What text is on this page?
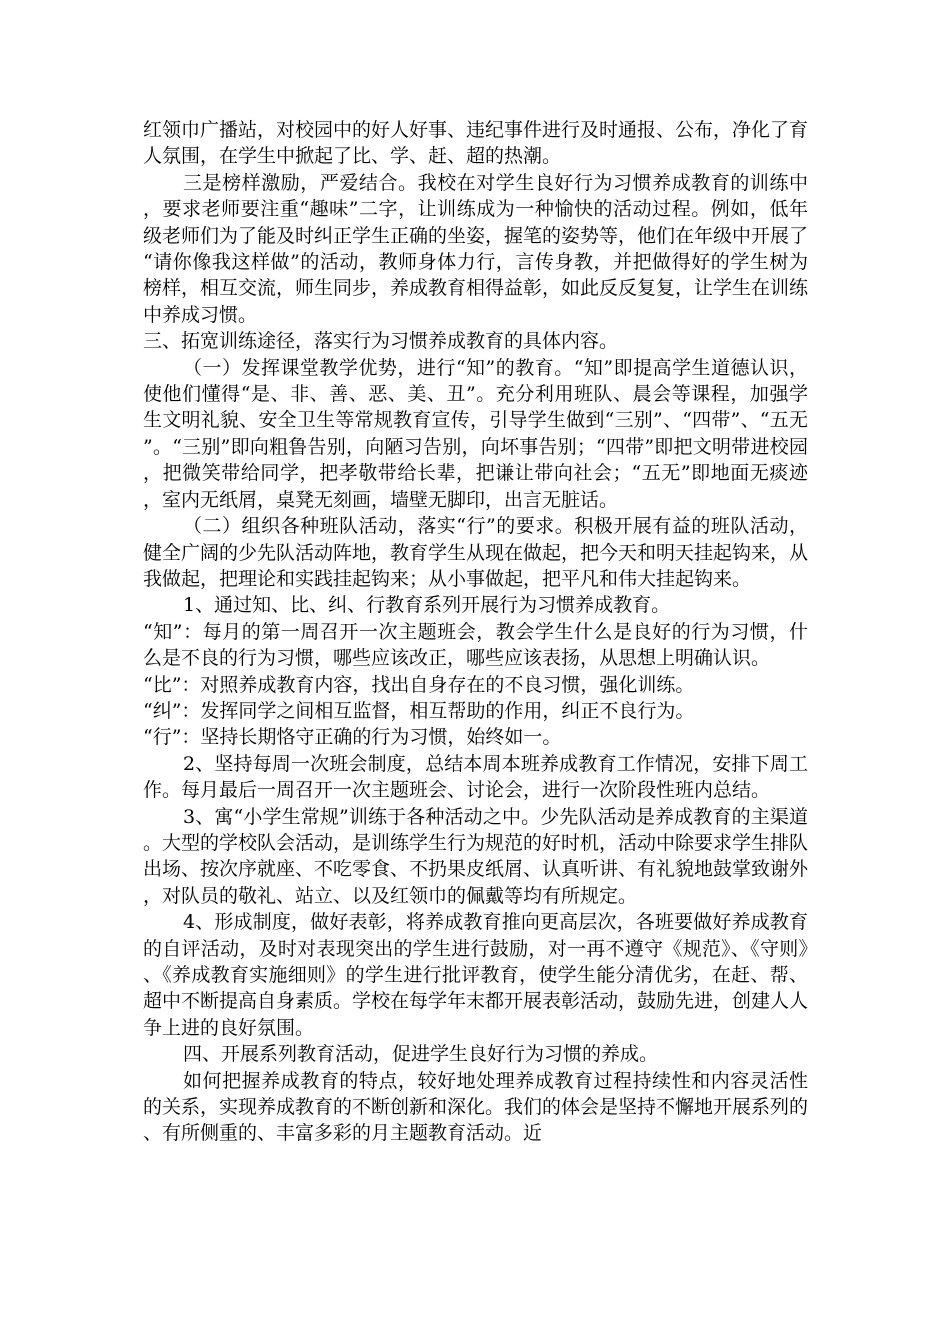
红领巾广播站，对校园中的好人好事、违纪事件进行及时通报、公布，净化了育人氛围，在学生中掀起了比、学、赶、超的热潮。

三是榜样激励，严爱结合。我校在对学生良好行为习惯养成教育的训练中，要求老师要注重“趣味”二字，让训练成为一种愉快的活动过程。例如，低年级老师们为了能及时纠正学生正确的坐姿，握笔的姿势等，他们在年级中开展了“请你像我这样做”的活动，教师身体力行，言传身教，并把做得好的学生树为榜样，相互交流，师生同步，养成教育相得益彰，如此反反复复，让学生在训练中养成习惯。

三、拓宽训练途径，落实行为习惯养成教育的具体内容。

（一）发挥课堂教学优势，进行“知”的教育。“知”即提高学生道德认识，使他们懂得“是、非、善、恶、美、丑”。充分利用班队、晨会等课程，加强学生文明礼貌、安全卫生等常规教育宣传，引导学生做到“三别”、“四带”、“五无”。“三别”即向粗鲁告别，向陋习告别，向坏事告别；“四带”即把文明带进校园，把微笑带给同学，把孝敬带给长辈，把谦让带向社会；“五无”即地面无痰迹，室内无纸屑，桌凳无刻画，墙壁无脚印，出言无脏话。

（二）组织各种班队活动，落实“行”的要求。积极开展有益的班队活动，健全广阔的少先队活动阵地，教育学生从现在做起，把今天和明天挂起钩来，从我做起，把理论和实践挂起钩来；从小事做起，把平凡和伟大挂起钩来。

1、通过知、比、纠、行教育系列开展行为习惯养成教育。

“知”：每月的第一周召开一次主题班会，教会学生什么是良好的行为习惯，什么是不良的行为习惯，哪些应该改正，哪些应该表扬，从思想上明确认识。

“比”：对照养成教育内容，找出自身存在的不良习惯，强化训练。

“纠”：发挥同学之间相互监督，相互帮助的作用，纠正不良行为。

“行”：坚持长期恪守正确的行为习惯，始终如一。

2、坚持每周一次班会制度，总结本周本班养成教育工作情况，安排下周工作。每月最后一周召开一次主题班会、讨论会，进行一次阶段性班内总结。

3、寓“小学生常规”训练于各种活动之中。少先队活动是养成教育的主渠道。大型的学校队会活动，是训练学生行为规范的好时机，活动中除要求学生排队出场、按次序就座、不吃零食、不扔果皮纸屑、认真听讲、有礼貌地鼓掌致谢外，对队员的敬礼、站立、以及红领巾的佩戴等均有所规定。

4、形成制度，做好表彰，将养成教育推向更高层次，各班要做好养成教育的自评活动，及时对表现突出的学生进行鼓励，对一再不遵守《规范》、《守则》、《养成教育实施细则》的学生进行批评教育，使学生能分清优劣，在赶、帮、超中不断提高自身素质。学校在每学年末都开展表彰活动，鼓励先进，创建人人争上进的良好氛围。

四、开展系列教育活动，促进学生良好行为习惯的养成。

如何把握养成教育的特点，较好地处理养成教育过程持续性和内容灵活性的关系，实现养成教育的不断创新和深化。我们的体会是坚持不懈地开展系列的、有所侧重的、丰富多彩的月主题教育活动。近
